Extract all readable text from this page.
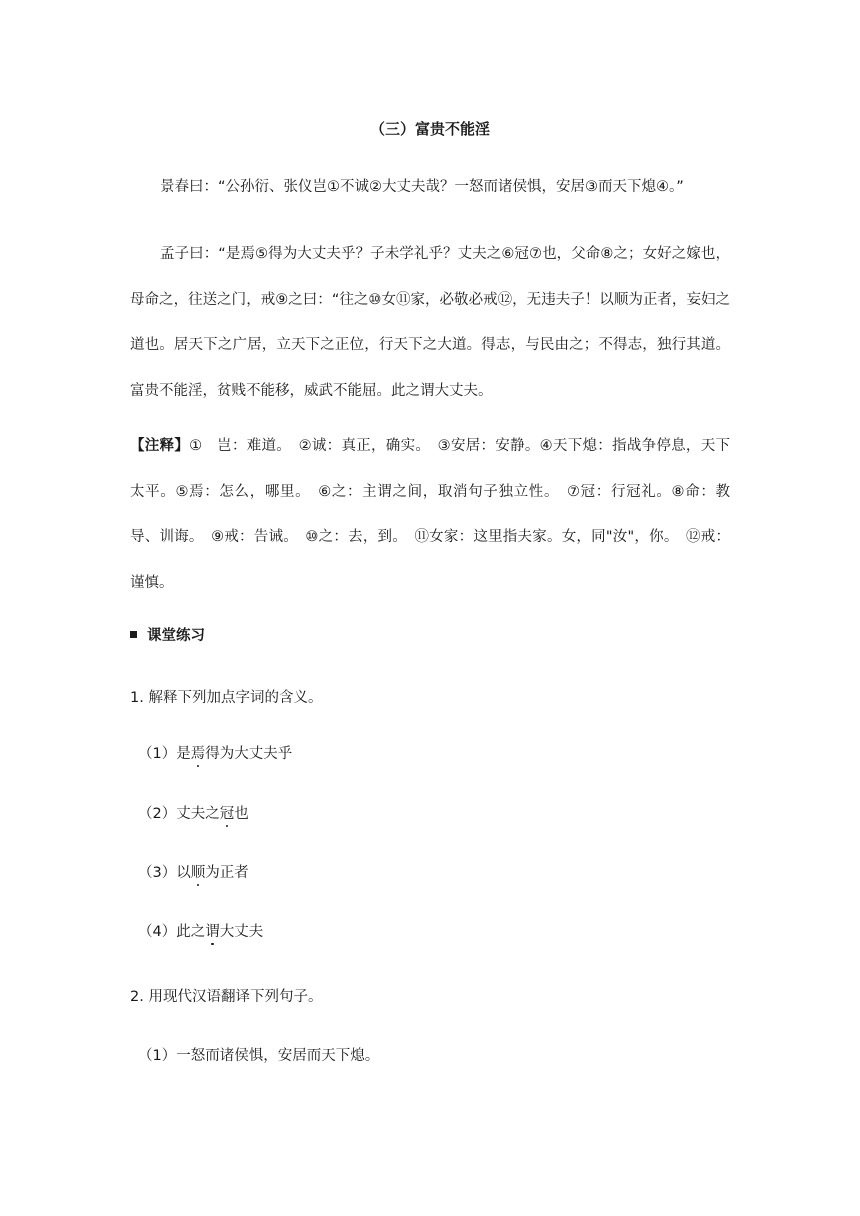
（三）富贵不能淫
景春曰：“公孙衍、张仪岂①不诚②大丈夫哉？一怒而诸侯惧，安居③而天下熄④。”
孟子曰：“是焉⑤得为大丈夫乎？子未学礼乎？丈夫之⑥冠⑦也，父命⑧之；女好之嫁也，母命之，往送之门，戒⑨之曰：“往之⑩女⑪家，必敬必戒⑫，无违夫子！以顺为正者，妄妇之道也。居天下之广居，立天下之正位，行天下之大道。得志，与民由之；不得志，独行其道。富贵不能淫，贫贱不能移，威武不能屈。此之谓大丈夫。
【注释】①　岂：难道。　②诚：真正，确实。　③安居：安静。④天下熄：指战争停息，天下太平。⑤焉：怎么，哪里。　⑥之：主谓之间，取消句子独立性。　⑦冠：行冠礼。⑧命：教导、训诲。　⑨戒：告诫。　⑩之：去，到。　⑪女家：这里指夫家。女，同"汝"，你。　⑫戒：谨慎。
课堂练习
1. 解释下列加点字词的含义。
（1）是焉得为大丈夫乎
（2）丈夫之冠也
（3）以顺为正者
（4）此之谓大丈夫
2. 用现代汉语翻译下列句子。
（1）一怒而诸侯惧，安居而天下熄。
